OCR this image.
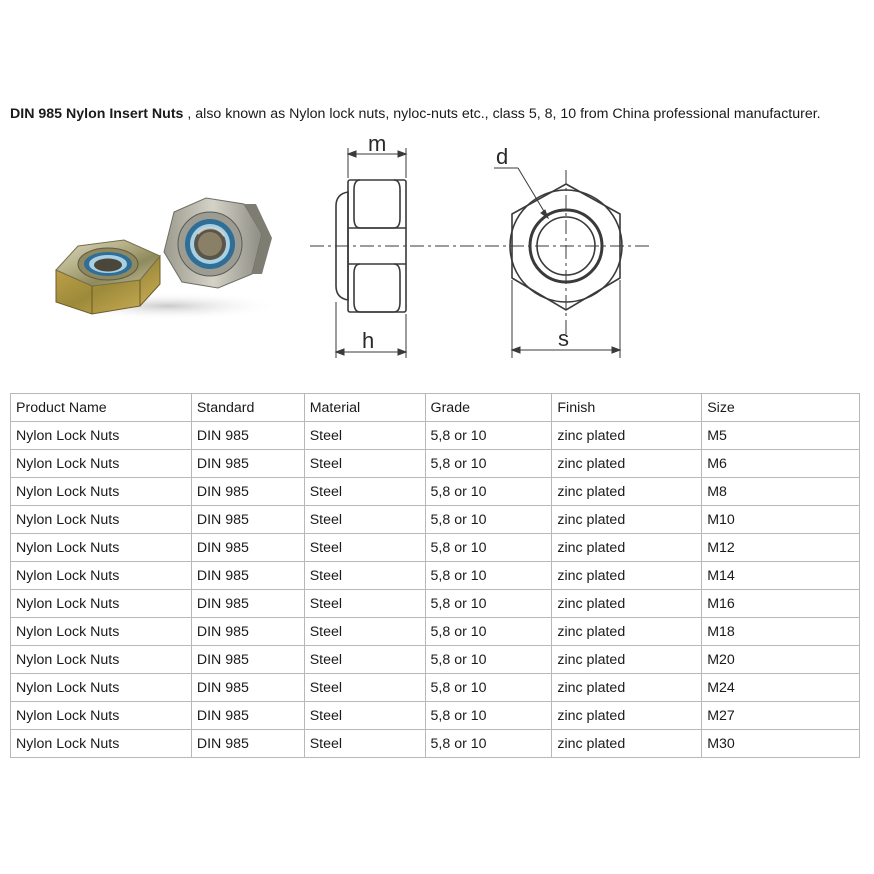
DIN 985 Nylon Insert Nuts , also known as Nylon lock nuts, nyloc-nuts etc., class 5, 8, 10 from China professional manufacturer.
m
h
d
s
Product Name	Standard	Material	Grade	Finish	Size
Nylon Lock Nuts	DIN 985	Steel	5,8 or 10	zinc plated	M5
Nylon Lock Nuts	DIN 985	Steel	5,8 or 10	zinc plated	M6
Nylon Lock Nuts	DIN 985	Steel	5,8 or 10	zinc plated	M8
Nylon Lock Nuts	DIN 985	Steel	5,8 or 10	zinc plated	M10
Nylon Lock Nuts	DIN 985	Steel	5,8 or 10	zinc plated	M12
Nylon Lock Nuts	DIN 985	Steel	5,8 or 10	zinc plated	M14
Nylon Lock Nuts	DIN 985	Steel	5,8 or 10	zinc plated	M16
Nylon Lock Nuts	DIN 985	Steel	5,8 or 10	zinc plated	M18
Nylon Lock Nuts	DIN 985	Steel	5,8 or 10	zinc plated	M20
Nylon Lock Nuts	DIN 985	Steel	5,8 or 10	zinc plated	M24
Nylon Lock Nuts	DIN 985	Steel	5,8 or 10	zinc plated	M27
Nylon Lock Nuts	DIN 985	Steel	5,8 or 10	zinc plated	M30
